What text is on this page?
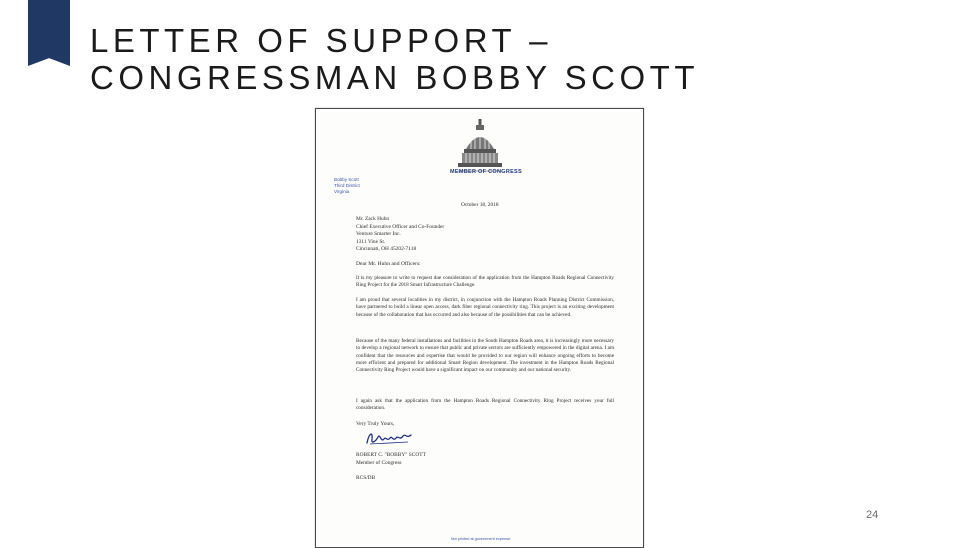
LETTER OF SUPPORT –
CONGRESSMAN BOBBY SCOTT
MEMBER OF CONGRESS
Bobby Scott
Third District
Virginia
October 18, 2018
Mr. Zack Huhn
Chief Executive Officer and Co-Founder
Venture Smarter Inc.
1311 Vine St.
Cincinnati, OH 45202-7118
Dear Mr. Huhn and Officers:
It is my pleasure to write to request due consideration of the application from the Hampton Roads Regional Connectivity Ring Project for the 2018 Smart Infrastructure Challenge.
I am proud that several localities in my district, in conjunction with the Hampton Roads Planning District Commission, have partnered to build a linear open access, dark fiber regional connectivity ring. This project is an exciting development because of the collaboration that has occurred and also because of the possibilities that can be achieved.
Because of the many federal installations and facilities in the South Hampton Roads area, it is increasingly more necessary to develop a regional network to ensure that public and private sectors are sufficiently empowered in the digital arena. I am confident that the resources and expertise that would be provided to our region will enhance ongoing efforts to become more efficient and prepared for additional Smart Region development. The investment in the Hampton Roads Regional Connectivity Ring Project would have a significant impact on our community and our national security.
I again ask that the application from the Hampton Roads Regional Connectivity Ring Project receives your full consideration.
Very Truly Yours,
ROBERT C. "BOBBY" SCOTT
Member of Congress
RCS/DB
Not printed at government expense.
24
